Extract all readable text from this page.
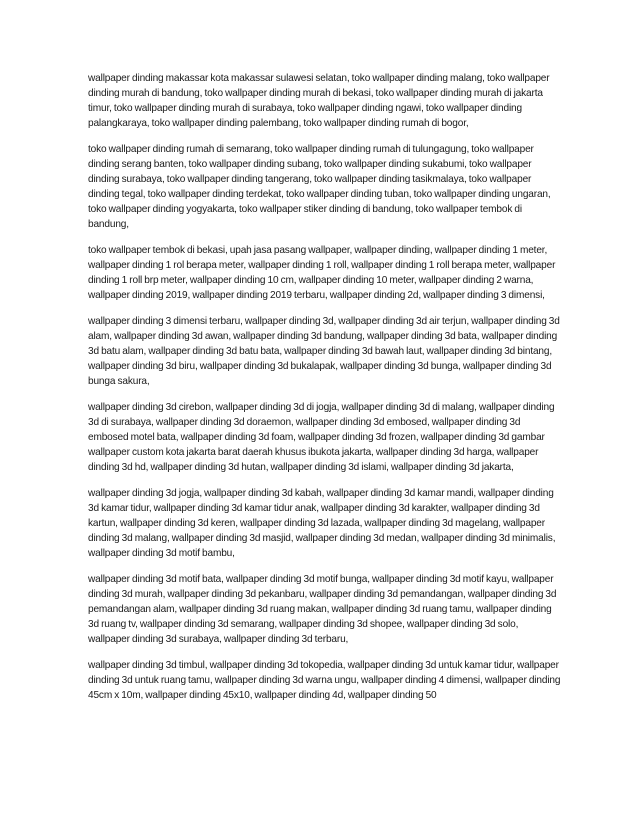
wallpaper dinding makassar kota makassar sulawesi selatan, toko wallpaper dinding malang, toko wallpaper dinding murah di bandung, toko wallpaper dinding murah di bekasi, toko wallpaper dinding murah di jakarta timur, toko wallpaper dinding murah di surabaya, toko wallpaper dinding ngawi, toko wallpaper dinding palangkaraya, toko wallpaper dinding palembang, toko wallpaper dinding rumah di bogor,

toko wallpaper dinding rumah di semarang, toko wallpaper dinding rumah di tulungagung, toko wallpaper dinding serang banten, toko wallpaper dinding subang, toko wallpaper dinding sukabumi, toko wallpaper dinding surabaya, toko wallpaper dinding tangerang, toko wallpaper dinding tasikmalaya, toko wallpaper dinding tegal, toko wallpaper dinding terdekat, toko wallpaper dinding tuban, toko wallpaper dinding ungaran, toko wallpaper dinding yogyakarta, toko wallpaper stiker dinding di bandung, toko wallpaper tembok di bandung,

toko wallpaper tembok di bekasi, upah jasa pasang wallpaper, wallpaper dinding, wallpaper dinding 1 meter, wallpaper dinding 1 rol berapa meter, wallpaper dinding 1 roll, wallpaper dinding 1 roll berapa meter, wallpaper dinding 1 roll brp meter, wallpaper dinding 10 cm, wallpaper dinding 10 meter, wallpaper dinding 2 warna, wallpaper dinding 2019, wallpaper dinding 2019 terbaru, wallpaper dinding 2d, wallpaper dinding 3 dimensi,

wallpaper dinding 3 dimensi terbaru, wallpaper dinding 3d, wallpaper dinding 3d air terjun, wallpaper dinding 3d alam, wallpaper dinding 3d awan, wallpaper dinding 3d bandung, wallpaper dinding 3d bata, wallpaper dinding 3d batu alam, wallpaper dinding 3d batu bata, wallpaper dinding 3d bawah laut, wallpaper dinding 3d bintang, wallpaper dinding 3d biru, wallpaper dinding 3d bukalapak, wallpaper dinding 3d bunga, wallpaper dinding 3d bunga sakura,

wallpaper dinding 3d cirebon, wallpaper dinding 3d di jogja, wallpaper dinding 3d di malang, wallpaper dinding 3d di surabaya, wallpaper dinding 3d doraemon, wallpaper dinding 3d embosed, wallpaper dinding 3d embosed motel bata, wallpaper dinding 3d foam, wallpaper dinding 3d frozen, wallpaper dinding 3d gambar wallpaper custom kota jakarta barat daerah khusus ibukota jakarta, wallpaper dinding 3d harga, wallpaper dinding 3d hd, wallpaper dinding 3d hutan, wallpaper dinding 3d islami, wallpaper dinding 3d jakarta,

wallpaper dinding 3d jogja, wallpaper dinding 3d kabah, wallpaper dinding 3d kamar mandi, wallpaper dinding 3d kamar tidur, wallpaper dinding 3d kamar tidur anak, wallpaper dinding 3d karakter, wallpaper dinding 3d kartun, wallpaper dinding 3d keren, wallpaper dinding 3d lazada, wallpaper dinding 3d magelang, wallpaper dinding 3d malang, wallpaper dinding 3d masjid, wallpaper dinding 3d medan, wallpaper dinding 3d minimalis, wallpaper dinding 3d motif bambu,

wallpaper dinding 3d motif bata, wallpaper dinding 3d motif bunga, wallpaper dinding 3d motif kayu, wallpaper dinding 3d murah, wallpaper dinding 3d pekanbaru, wallpaper dinding 3d pemandangan, wallpaper dinding 3d pemandangan alam, wallpaper dinding 3d ruang makan, wallpaper dinding 3d ruang tamu, wallpaper dinding 3d ruang tv, wallpaper dinding 3d semarang, wallpaper dinding 3d shopee, wallpaper dinding 3d solo, wallpaper dinding 3d surabaya, wallpaper dinding 3d terbaru,

wallpaper dinding 3d timbul, wallpaper dinding 3d tokopedia, wallpaper dinding 3d untuk kamar tidur, wallpaper dinding 3d untuk ruang tamu, wallpaper dinding 3d warna ungu, wallpaper dinding 4 dimensi, wallpaper dinding 45cm x 10m, wallpaper dinding 45x10, wallpaper dinding 4d, wallpaper dinding 50
